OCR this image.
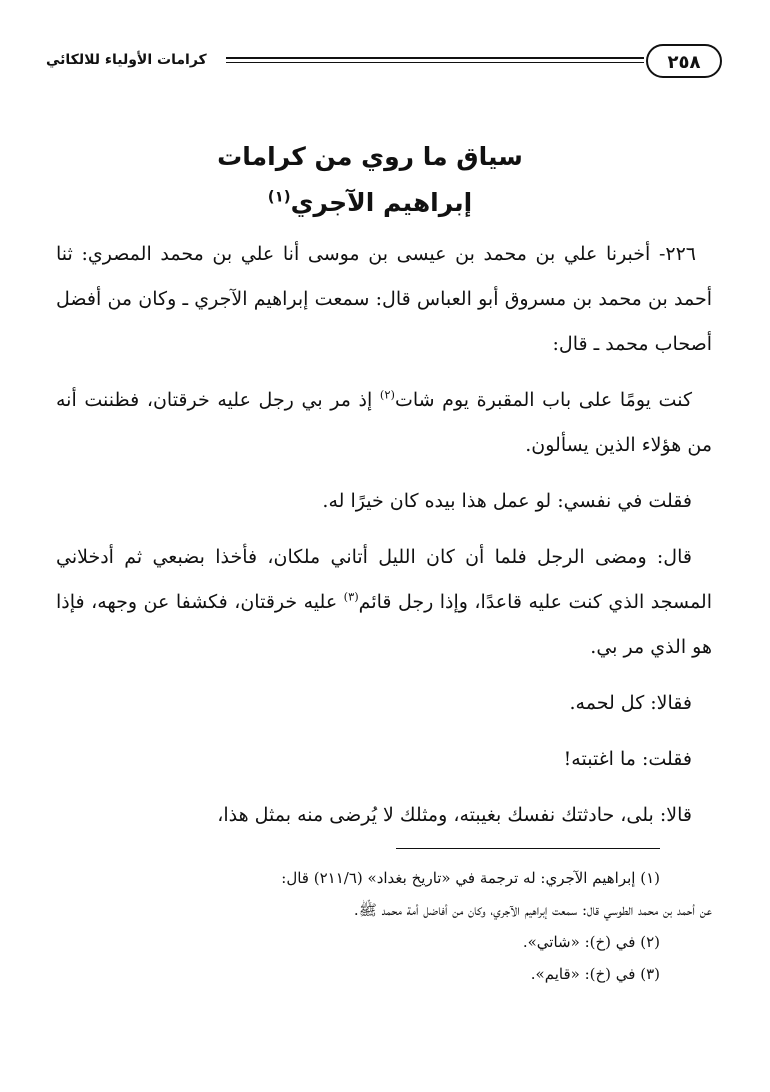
٢٥٨
كرامات الأولياء للالكائي
سياق ما روي من كرامات
إبراهيم الآجري$^{(١)}$

٢٢٦- أخبرنا علي بن محمد بن عيسى بن موسى أنا علي بن محمد المصري: ثنا أحمد بن محمد بن مسروق أبو العباس قال: سمعت إبراهيم الآجري ـ وكان من أفضل أصحاب محمد ـ قال:

كنت يومًا على باب المقبرة يوم شات$^{(٢)}$ إذ مر بي رجل عليه خرقتان، فظننت أنه من هؤلاء الذين يسألون.

فقلت في نفسي: لو عمل هذا بيده كان خيرًا له.

قال: ومضى الرجل فلما أن كان الليل أتاني ملكان، فأخذا بضبعي ثم أدخلاني المسجد الذي كنت عليه قاعدًا، وإذا رجل قائم$^{(٣)}$ عليه خرقتان، فكشفا عن وجهه، فإذا هو الذي مر بي.

فقالا: كل لحمه.

فقلت: ما اغتبته!

قالا: بلى، حادثتك نفسك بغيبته، ومثلك لا يُرضى منه بمثل هذا،

(١) إبراهيم الآجري: له ترجمة في «تاريخ بغداد» (٢١١/٦) قال:

عن أحمد بن محمد الطوسي قال: سمعت إبراهيم الآجري، وكان من أفاضل أمة محمد ﷺ.

(٢) في (خ): «شاتي».

(٣) في (خ): «قايم».
